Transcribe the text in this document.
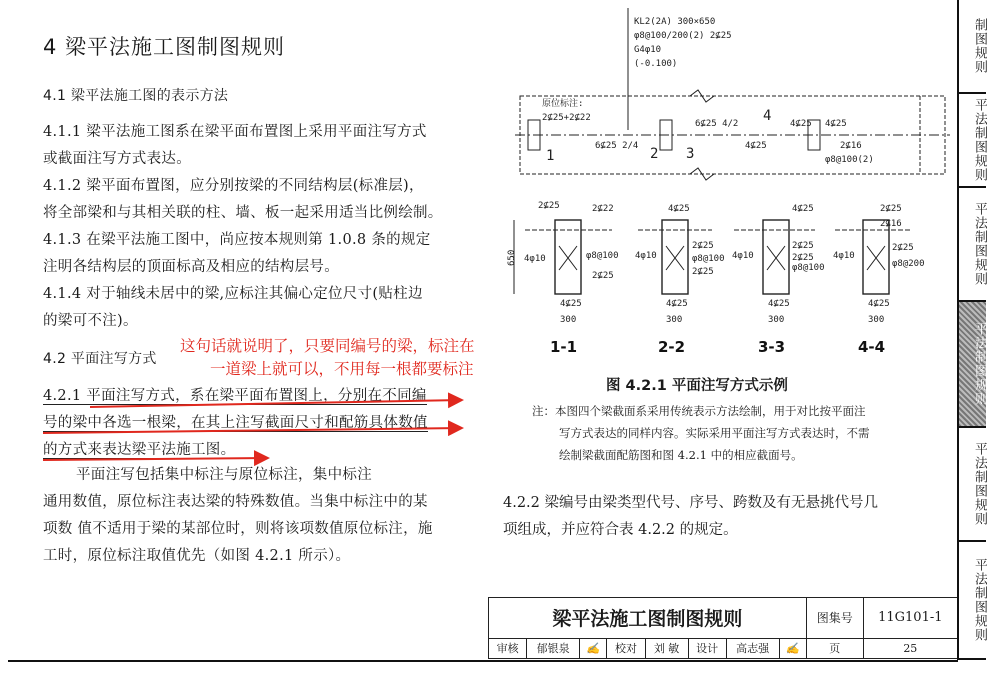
4 梁平法施工图制图规则
4.1 梁平法施工图的表示方法
4.1.1 梁平法施工图系在梁平面布置图上采用平面注写方式
或截面注写方式表达。
4.1.2 梁平面布置图，应分别按梁的不同结构层(标准层)，
将全部梁和与其相关联的柱、墙、板一起采用适当比例绘制。
4.1.3 在梁平法施工图中，尚应按本规则第 1.0.8 条的规定
注明各结构层的顶面标高及相应的结构层号。
4.1.4 对于轴线未居中的梁,应标注其偏心定位尺寸(贴柱边
的梁可不注)。
4.2 平面注写方式
这句话就说明了，只要同编号的梁，标注在
一道梁上就可以，不用每一根都要标注
4.2.1 平面注写方式，系在梁平面布置图上，分别在不同编
号的梁中各选一根梁，在其上注写截面尺寸和配筋具体数值
的方式来表达梁平法施工图。
平面注写包括集中标注与原位标注，集中标注
通用数值，原位标注表达梁的特殊数值。当集中标注中的某
项数 值不适用于梁的某部位时，则将该项数值原位标注，施
工时，原位标注取值优先（如图 4.2.1 所示）。
KL2(2A) 300×650
φ8@100/200(2) 2⊈25
G4φ10
(-0.100)
原位标注:
2⊈25+2⊈22
6⊈25 4/2	4⊈25 4⊈25
4⊈25	2⊈16
6⊈25 2/4
φ8@100(2)
1	2 3
4
2⊈25	2⊈22
4φ10	φ8@100
2⊈25
4⊈25
300
1-1
4⊈25
2⊈25
4φ10	φ8@100
2⊈25
4⊈25
300
2-2
4⊈25
2⊈25
4φ10
φ8@100
2⊈25
4⊈25
300
3-3
2⊈25
2⊈16
4φ10
φ8@200
2⊈25
4⊈25
300
4-4
650
图 4.2.1 平面注写方式示例
注：本图四个梁截面系采用传统表示方法绘制，用于对比按平面注
写方式表达的同样内容。实际采用平面注写方式表达时，不需
绘制梁截面配筋图和图 4.2.1 中的相应截面号。
4.2.2 梁编号由梁类型代号、序号、跨数及有无悬挑代号几
项组成，并应符合表 4.2.2 的规定。
梁平法施工图制图规则								图集号	11G101-1
审核	郁银泉	✍	校对	刘 敏	设计	高志强	✍	页	25
制图规则
平法制图规则
平法制图规则
平法制图规则
平法制图规则
平法制图规则
